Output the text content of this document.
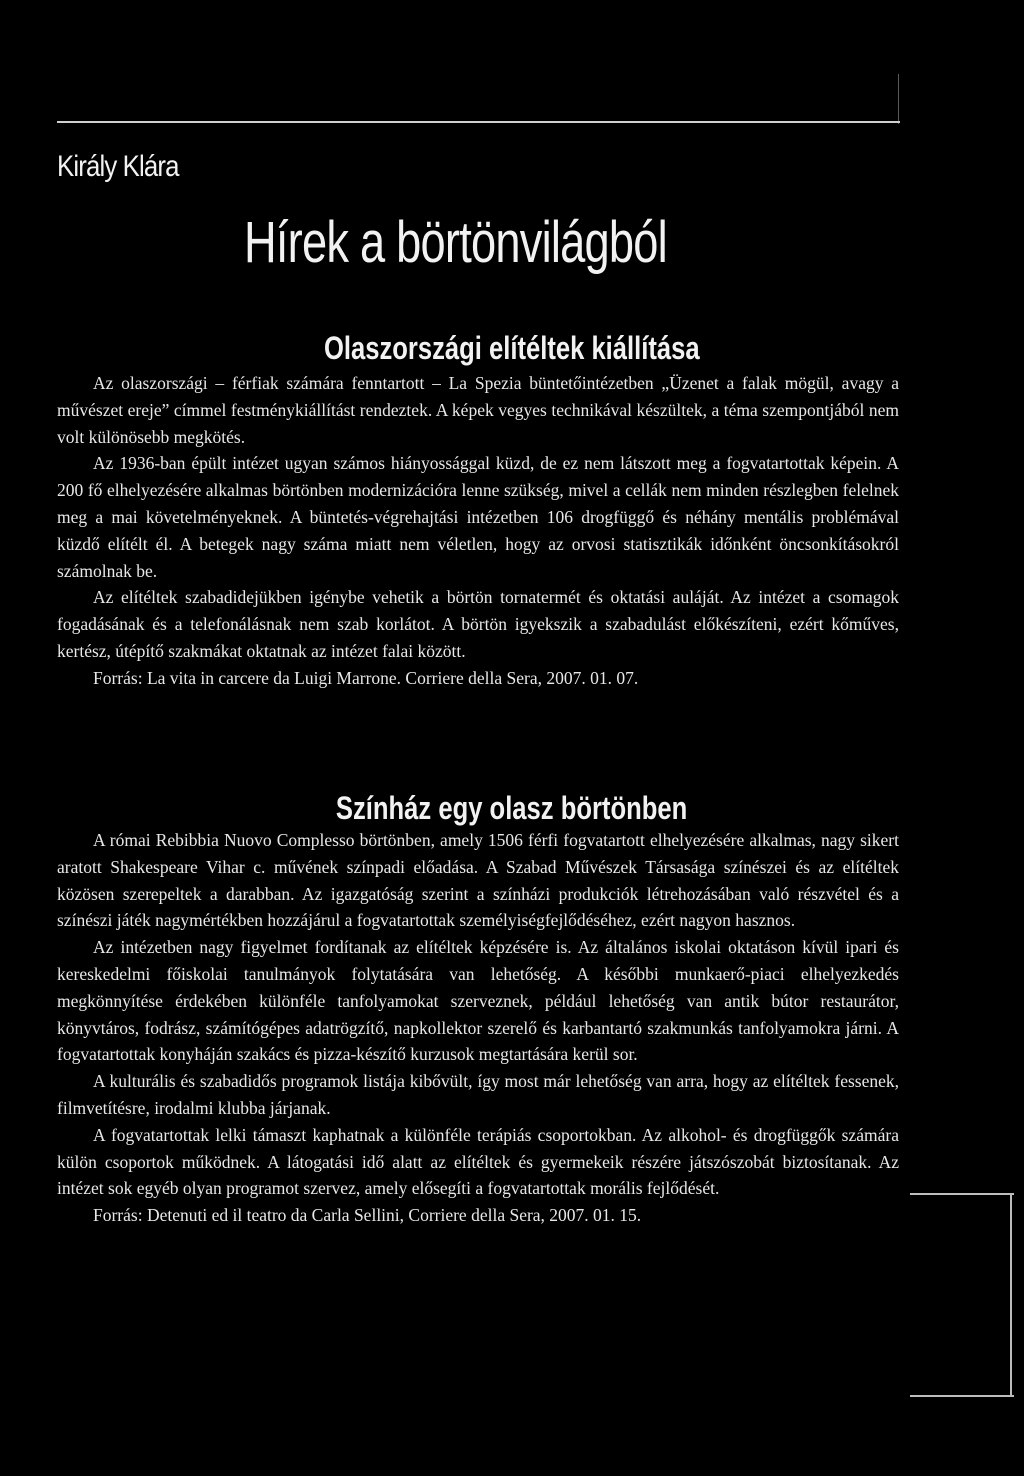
Király Klára
Hírek a börtönvilágból
Olaszországi elítéltek kiállítása

Az olaszországi – férfiak számára fenntartott – La Spezia büntetőintézetben „Üzenet a falak mögül, avagy a művészet ereje” címmel festménykiállítást rendeztek. A képek vegyes technikával készültek, a téma szempontjából nem volt különösebb megkötés.

Az 1936-ban épült intézet ugyan számos hiányossággal küzd, de ez nem látszott meg a fogvatartottak képein. A 200 fő elhelyezésére alkalmas börtönben modernizációra lenne szükség, mivel a cellák nem minden részlegben felelnek meg a mai követelményeknek. A büntetés-végrehajtási intézetben 106 drogfüggő és néhány mentális problémával küzdő elítélt él. A betegek nagy száma miatt nem véletlen, hogy az orvosi statisztikák időnként öncsonkításokról számolnak be.

Az elítéltek szabadidejükben igénybe vehetik a börtön tornatermét és oktatási auláját. Az intézet a csomagok fogadásának és a telefonálásnak nem szab korlátot. A börtön igyekszik a szabadulást előkészíteni, ezért kőműves, kertész, útépítő szakmákat oktatnak az intézet falai között.

Forrás: La vita in carcere da Luigi Marrone. Corriere della Sera, 2007. 01. 07.

Színház egy olasz börtönben

A római Rebibbia Nuovo Complesso börtönben, amely 1506 férfi fogvatartott elhelyezésére alkalmas, nagy sikert aratott Shakespeare Vihar c. művének színpadi előadása. A Szabad Művészek Társasága színészei és az elítéltek közösen szerepeltek a darabban. Az igazgatóság szerint a színházi produkciók létrehozásában való részvétel és a színészi játék nagymértékben hozzájárul a fogvatartottak személyiségfejlődéséhez, ezért nagyon hasznos.

Az intézetben nagy figyelmet fordítanak az elítéltek képzésére is. Az általános iskolai oktatáson kívül ipari és kereskedelmi főiskolai tanulmányok folytatására van lehetőség. A későbbi munkaerő-piaci elhelyezkedés megkönnyítése érdekében különféle tanfolyamokat szerveznek, például lehetőség van antik bútor restaurátor, könyvtáros, fodrász, számítógépes adatrögzítő, napkollektor szerelő és karbantartó szakmunkás tanfolyamokra járni. A fogvatartottak konyháján szakács és pizza-készítő kurzusok megtartására kerül sor.

A kulturális és szabadidős programok listája kibővült, így most már lehetőség van arra, hogy az elítéltek fessenek, filmvetítésre, irodalmi klubba járjanak.

A fogvatartottak lelki támaszt kaphatnak a különféle terápiás csoportokban. Az alkohol- és drogfüggők számára külön csoportok működnek. A látogatási idő alatt az elítéltek és gyermekeik részére játszószobát biztosítanak. Az intézet sok egyéb olyan programot szervez, amely elősegíti a fogvatartottak morális fejlődését.

Forrás: Detenuti ed il teatro da Carla Sellini, Corriere della Sera, 2007. 01. 15.
